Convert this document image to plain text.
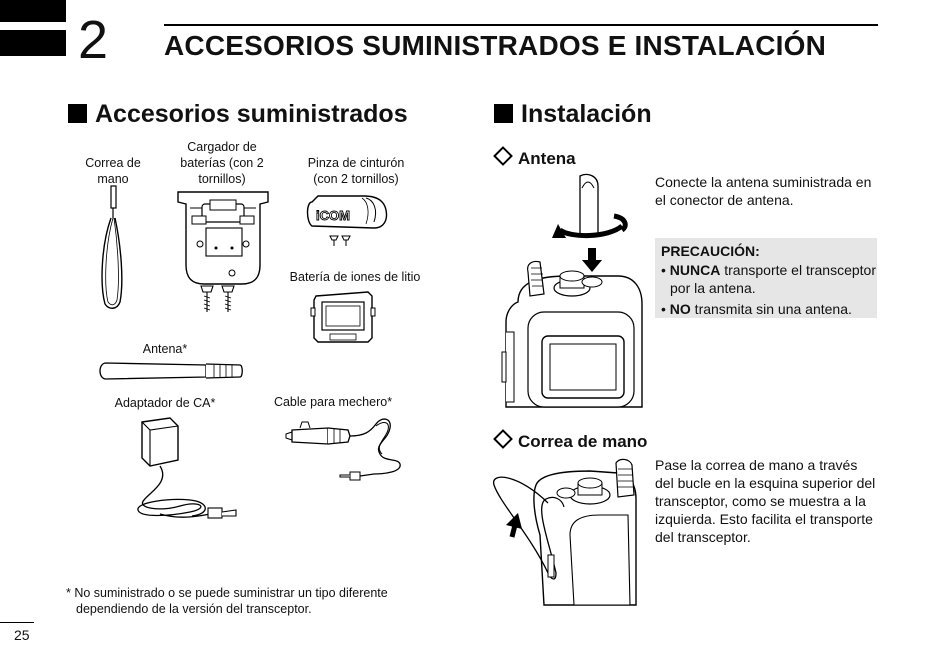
2 ACCESORIOS SUMINISTRADOS E INSTALACIÓN
Accesorios suministrados
Correa de mano
Cargador de baterías (con 2 tornillos)
Pinza de cinturón (con 2 tornillos)
Batería de iones de litio
Antena*
Adaptador de CA*	Cable para mechero*
iCOM
* No suministrado o se puede suministrar un tipo diferente
dependiendo de la versión del transceptor.
25
Instalación
Antena
Conecte la antena suministrada en el conector de antena.
PRECAUCIÓN:
• NUNCA transporte el transceptor por la antena.
• NO transmita sin una antena.
Correa de mano
Pase la correa de mano a través del bucle en la esquina superior del transceptor, como se muestra a la izquierda. Esto facilita el transporte del transceptor.
